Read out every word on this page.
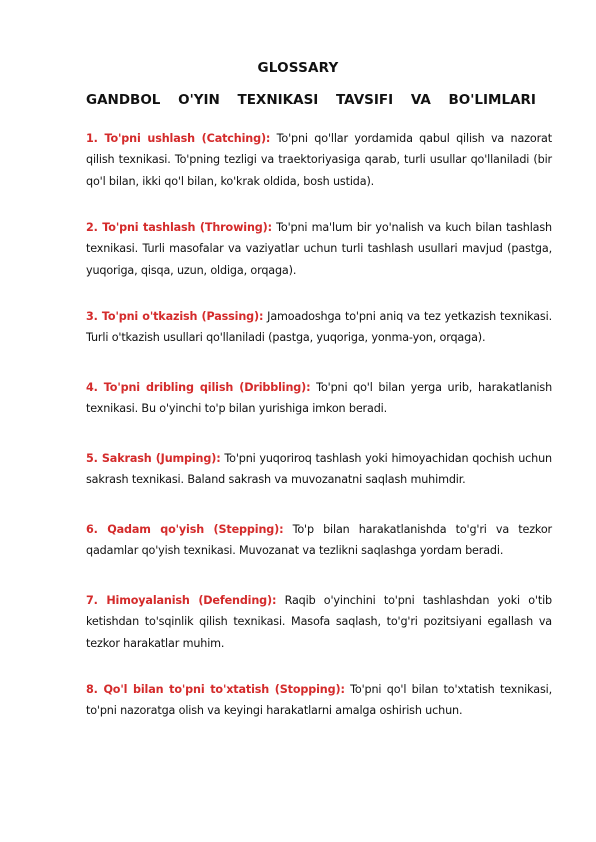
GLOSSARY
GANDBOL O'YIN TEXNIKASI TAVSIFI VA BO'LIMLARI

1. To'pni ushlash (Catching): To'pni qo'llar yordamida qabul qilish va nazorat qilish texnikasi. To'pning tezligi va traektoriyasiga qarab, turli usullar qo'llaniladi (bir qo'l bilan, ikki qo'l bilan, ko'krak oldida, bosh ustida).

2. To'pni tashlash (Throwing): To'pni ma'lum bir yo'nalish va kuch bilan tashlash texnikasi. Turli masofalar va vaziyatlar uchun turli tashlash usullari mavjud (pastga, yuqoriga, qisqa, uzun, oldiga, orqaga).

3. To'pni o'tkazish (Passing): Jamoadoshga to'pni aniq va tez yetkazish texnikasi. Turli o'tkazish usullari qo'llaniladi (pastga, yuqoriga, yonma-yon, orqaga).

4. To'pni dribling qilish (Dribbling): To'pni qo'l bilan yerga urib, harakatlanish texnikasi. Bu o'yinchi to'p bilan yurishiga imkon beradi.

5. Sakrash (Jumping): To'pni yuqoriroq tashlash yoki himoyachidan qochish uchun sakrash texnikasi. Baland sakrash va muvozanatni saqlash muhimdir.

6. Qadam qo'yish (Stepping): To'p bilan harakatlanishda to'g'ri va tezkor qadamlar qo'yish texnikasi. Muvozanat va tezlikni saqlashga yordam beradi.

7. Himoyalanish (Defending): Raqib o'yinchini to'pni tashlashdan yoki o'tib ketishdan to'sqinlik qilish texnikasi. Masofa saqlash, to'g'ri pozitsiyani egallash va tezkor harakatlar muhim.

8. Qo'l bilan to'pni to'xtatish (Stopping): To'pni qo'l bilan to'xtatish texnikasi, to'pni nazoratga olish va keyingi harakatlarni amalga oshirish uchun.
